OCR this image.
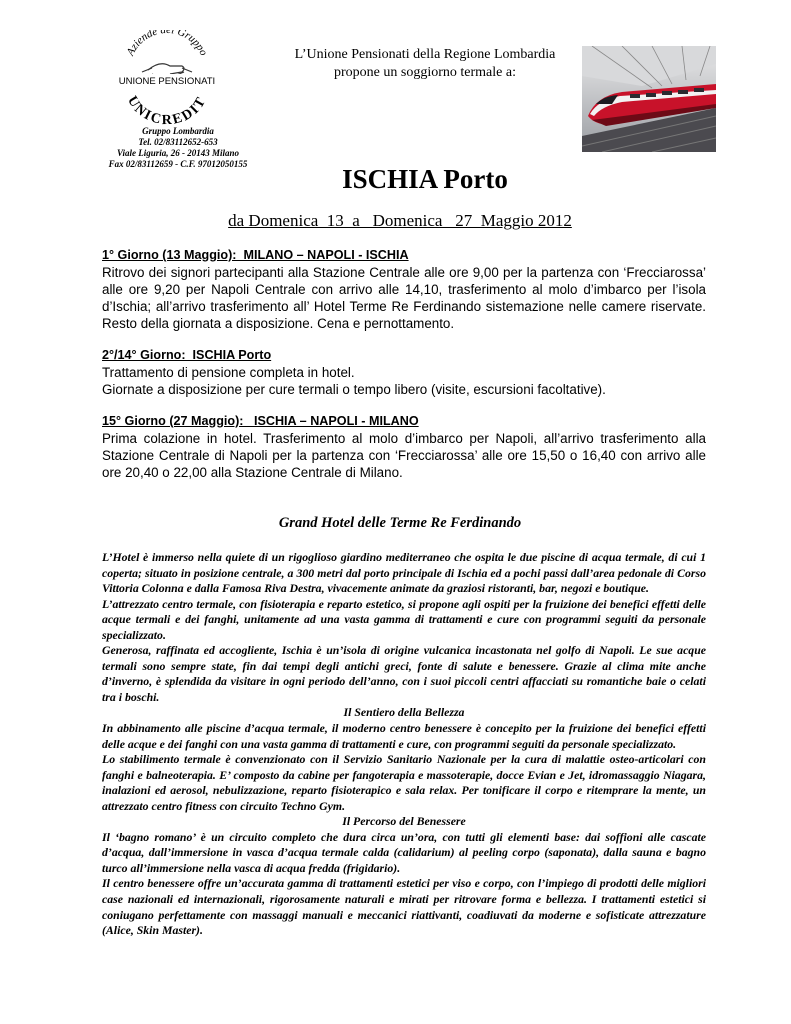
Aziende del Gruppo
UNIONE PENSIONATI
UNICREDIT
Gruppo Lombardia
Tel. 02/83112652-653
Viale Liguria, 26 - 20143 Milano
Fax 02/83112659 - C.F. 97012050155
L’Unione Pensionati della Regione Lombardia
propone un soggiorno termale a:
ISCHIA Porto
da Domenica  13  a   Domenica   27  Maggio 2012
1° Giorno (13 Maggio):  MILANO – NAPOLI - ISCHIA
Ritrovo dei signori partecipanti alla Stazione Centrale alle ore 9,00 per la partenza con ‘Frecciarossa’ alle ore 9,20 per Napoli Centrale con arrivo alle 14,10, trasferimento al molo d’imbarco per l’isola d’Ischia; all’arrivo trasferimento all’ Hotel Terme Re Ferdinando sistemazione nelle camere riservate. Resto della giornata a disposizione. Cena e pernottamento.
2°/14° Giorno:  ISCHIA Porto
Trattamento di pensione completa in hotel.
Giornate a disposizione per cure termali o tempo libero (visite, escursioni facoltative).
15° Giorno (27 Maggio):   ISCHIA – NAPOLI - MILANO
Prima colazione in hotel. Trasferimento al molo d’imbarco per Napoli, all’arrivo trasferimento alla Stazione Centrale di Napoli per la partenza con ‘Frecciarossa’ alle ore 15,50 o 16,40 con arrivo alle ore 20,40 o 22,00 alla Stazione Centrale di Milano.
Grand Hotel delle Terme Re Ferdinando

L’Hotel è immerso nella quiete di un rigoglioso giardino mediterraneo che ospita le due piscine di acqua termale, di cui 1 coperta; situato in posizione centrale, a 300 metri dal porto principale di Ischia ed a pochi passi dall’area pedonale di Corso Vittoria Colonna e dalla Famosa Riva Destra, vivacemente animate da graziosi ristoranti, bar, negozi e boutique.

L’attrezzato centro termale, con fisioterapia e reparto estetico, si propone agli ospiti per la fruizione dei benefici effetti delle acque termali e dei fanghi, unitamente ad una vasta gamma di trattamenti e cure con programmi seguiti da personale specializzato.

Generosa, raffinata ed accogliente, Ischia è un’isola di origine vulcanica incastonata nel golfo di Napoli. Le sue acque termali sono sempre state, fin dai tempi degli antichi greci, fonte di salute e benessere. Grazie al clima mite anche d’inverno, è splendida da visitare in ogni periodo dell’anno, con i suoi piccoli centri affacciati su romantiche baie o celati tra i boschi.

Il Sentiero della Bellezza

In abbinamento alle piscine d’acqua termale, il moderno centro benessere è concepito per la fruizione dei benefici effetti delle acque e dei fanghi con una vasta gamma di trattamenti e cure, con programmi seguiti da personale specializzato.

Lo stabilimento termale è convenzionato con il Servizio Sanitario Nazionale per la cura di malattie osteo-articolari con fanghi e balneoterapia. E’ composto da cabine per fangoterapia e massoterapie, docce Evian e Jet, idromassaggio Niagara, inalazioni ed aerosol, nebulizzazione, reparto fisioterapico e sala relax. Per tonificare il corpo e ritemprare la mente, un attrezzato centro fitness con circuito Techno Gym.

Il Percorso del Benessere

Il ‘bagno romano’ è un circuito completo che dura circa un’ora, con tutti gli elementi base: dai soffioni alle cascate d’acqua, dall’immersione in vasca d’acqua termale calda (calidarium) al peeling corpo (saponata), dalla sauna e bagno turco all’immersione nella vasca di acqua fredda (frigidario).

Il centro benessere offre un’accurata gamma di trattamenti estetici per viso e corpo, con l’impiego di prodotti delle migliori case nazionali ed internazionali, rigorosamente naturali e mirati per ritrovare forma e bellezza. I trattamenti estetici si coniugano perfettamente con massaggi manuali e meccanici riattivanti, coadiuvati da moderne e sofisticate attrezzature (Alice, Skin Master).
